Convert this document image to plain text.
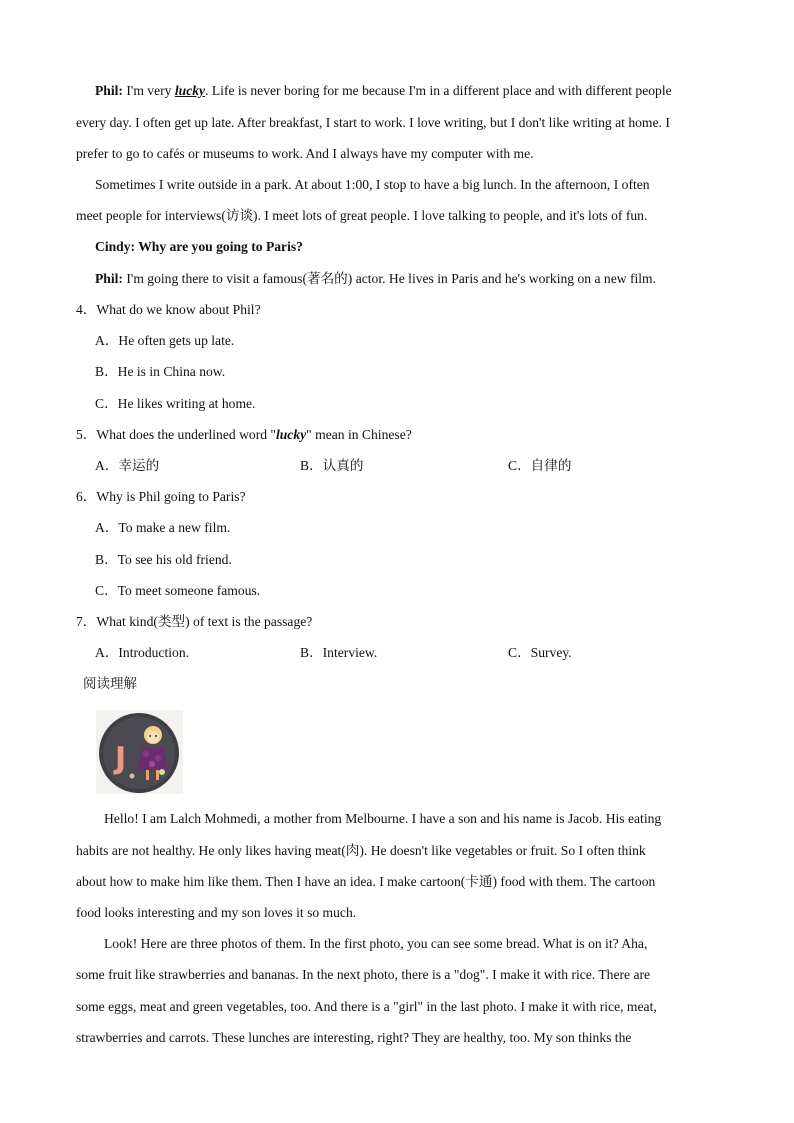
Phil: I'm very lucky. Life is never boring for me because I'm in a different place and with different people
every day. I often get up late. After breakfast, I start to work. I love writing, but I don't like writing at home. I
prefer to go to cafés or museums to work. And I always have my computer with me.
Sometimes I write outside in a park. At about 1:00, I stop to have a big lunch. In the afternoon, I often
meet people for interviews(访谈). I meet lots of great people. I love talking to people, and it's lots of fun.
Cindy: Why are you going to Paris?
Phil: I'm going there to visit a famous(著名的) actor. He lives in Paris and he's working on a new film.
4．What do we know about Phil?
A．He often gets up late.
B．He is in China now.
C．He likes writing at home.
5．What does the underlined word "lucky" mean in Chinese?
A．幸运的	B．认真的	C．自律的
6．Why is Phil going to Paris?
A．To make a new film.
B．To see his old friend.
C．To meet someone famous.
7．What kind(类型) of text is the passage?
A．Introduction.	B．Interview.	C．Survey.
阅读理解
J
Hello! I am Lalch Mohmedi, a mother from Melbourne. I have a son and his name is Jacob. His eating
habits are not healthy. He only likes having meat(肉). He doesn't like vegetables or fruit. So I often think
about how to make him like them. Then I have an idea. I make cartoon(卡通) food with them. The cartoon
food looks interesting and my son loves it so much.
Look! Here are three photos of them. In the first photo, you can see some bread. What is on it? Aha,
some fruit like strawberries and bananas. In the next photo, there is a "dog". I make it with rice. There are
some eggs, meat and green vegetables, too. And there is a "girl" in the last photo. I make it with rice, meat,
strawberries and carrots. These lunches are interesting, right? They are healthy, too. My son thinks the
